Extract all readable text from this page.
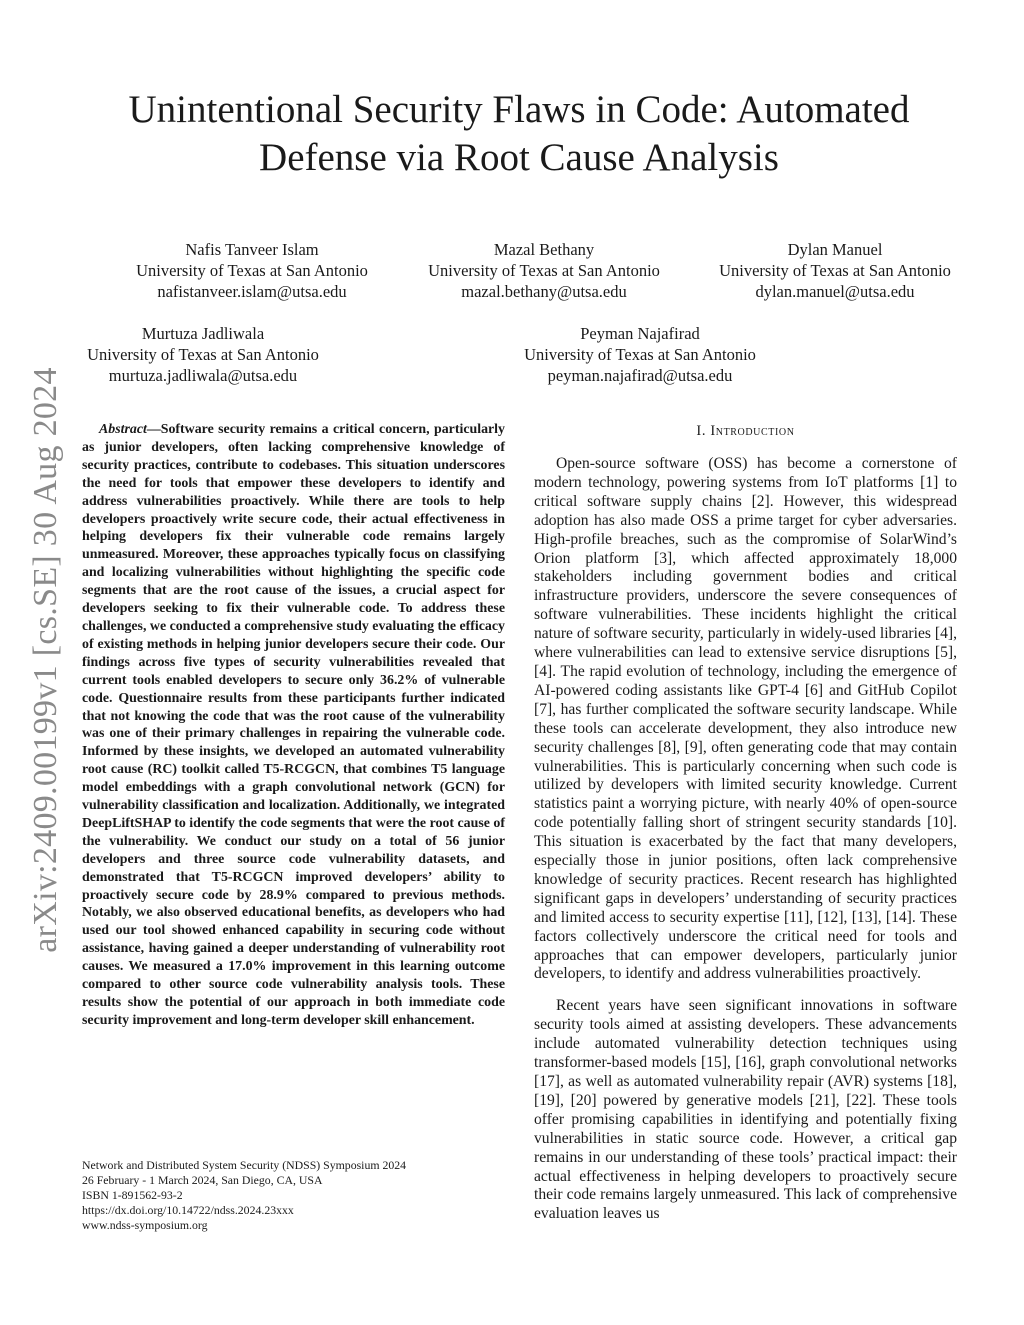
arXiv:2409.00199v1 [cs.SE] 30 Aug 2024
Unintentional Security Flaws in Code: Automated Defense via Root Cause Analysis
Nafis Tanveer Islam
University of Texas at San Antonio
nafistanveer.islam@utsa.edu
Mazal Bethany
University of Texas at San Antonio
mazal.bethany@utsa.edu
Dylan Manuel
University of Texas at San Antonio
dylan.manuel@utsa.edu
Murtuza Jadliwala
University of Texas at San Antonio
murtuza.jadliwala@utsa.edu
Peyman Najafirad
University of Texas at San Antonio
peyman.najafirad@utsa.edu

Abstract—Software security remains a critical concern, particularly as junior developers, often lacking comprehensive knowledge of security practices, contribute to codebases. This situation underscores the need for tools that empower these developers to identify and address vulnerabilities proactively. While there are tools to help developers proactively write secure code, their actual effectiveness in helping developers fix their vulnerable code remains largely unmeasured. Moreover, these approaches typically focus on classifying and localizing vulnerabilities without highlighting the specific code segments that are the root cause of the issues, a crucial aspect for developers seeking to fix their vulnerable code. To address these challenges, we conducted a comprehensive study evaluating the efficacy of existing methods in helping junior developers secure their code. Our findings across five types of security vulnerabilities revealed that current tools enabled developers to secure only 36.2% of vulnerable code. Questionnaire results from these participants further indicated that not knowing the code that was the root cause of the vulnerability was one of their primary challenges in repairing the vulnerable code. Informed by these insights, we developed an automated vulnerability root cause (RC) toolkit called T5-RCGCN, that combines T5 language model embeddings with a graph convolutional network (GCN) for vulnerability classification and localization. Additionally, we integrated DeepLiftSHAP to identify the code segments that were the root cause of the vulnerability. We conduct our study on a total of 56 junior developers and three source code vulnerability datasets, and demonstrated that T5-RCGCN improved developers’ ability to proactively secure code by 28.9% compared to previous methods. Notably, we also observed educational benefits, as developers who had used our tool showed enhanced capability in securing code without assistance, having gained a deeper understanding of vulnerability root causes. We measured a 17.0% improvement in this learning outcome compared to other source code vulnerability analysis tools. These results show the potential of our approach in both immediate code security improvement and long-term developer skill enhancement.

I. Introduction

Open-source software (OSS) has become a cornerstone of modern technology, powering systems from IoT platforms [1] to critical software supply chains [2]. However, this widespread adoption has also made OSS a prime target for cyber adversaries. High-profile breaches, such as the compromise of SolarWind’s Orion platform [3], which affected approximately 18,000 stakeholders including government bodies and critical infrastructure providers, underscore the severe consequences of software vulnerabilities. These incidents highlight the critical nature of software security, particularly in widely-used libraries [4], where vulnerabilities can lead to extensive service disruptions [5], [4]. The rapid evolution of technology, including the emergence of AI-powered coding assistants like GPT-4 [6] and GitHub Copilot [7], has further complicated the software security landscape. While these tools can accelerate development, they also introduce new security challenges [8], [9], often generating code that may contain vulnerabilities. This is particularly concerning when such code is utilized by developers with limited security knowledge. Current statistics paint a worrying picture, with nearly 40% of open-source code potentially falling short of stringent security standards [10]. This situation is exacerbated by the fact that many developers, especially those in junior positions, often lack comprehensive knowledge of security practices. Recent research has highlighted significant gaps in developers’ understanding of security practices and limited access to security expertise [11], [12], [13], [14]. These factors collectively underscore the critical need for tools and approaches that can empower developers, particularly junior developers, to identify and address vulnerabilities proactively.

Recent years have seen significant innovations in software security tools aimed at assisting developers. These advancements include automated vulnerability detection techniques using transformer-based models [15], [16], graph convolutional networks [17], as well as automated vulnerability repair (AVR) systems [18], [19], [20] powered by generative models [21], [22]. These tools offer promising capabilities in identifying and potentially fixing vulnerabilities in static source code. However, a critical gap remains in our understanding of these tools’ practical impact: their actual effectiveness in helping developers to proactively secure their code remains largely unmeasured. This lack of comprehensive evaluation leaves us

Network and Distributed System Security (NDSS) Symposium 2024
26 February - 1 March 2024, San Diego, CA, USA
ISBN 1-891562-93-2
https://dx.doi.org/10.14722/ndss.2024.23xxx
www.ndss-symposium.org
